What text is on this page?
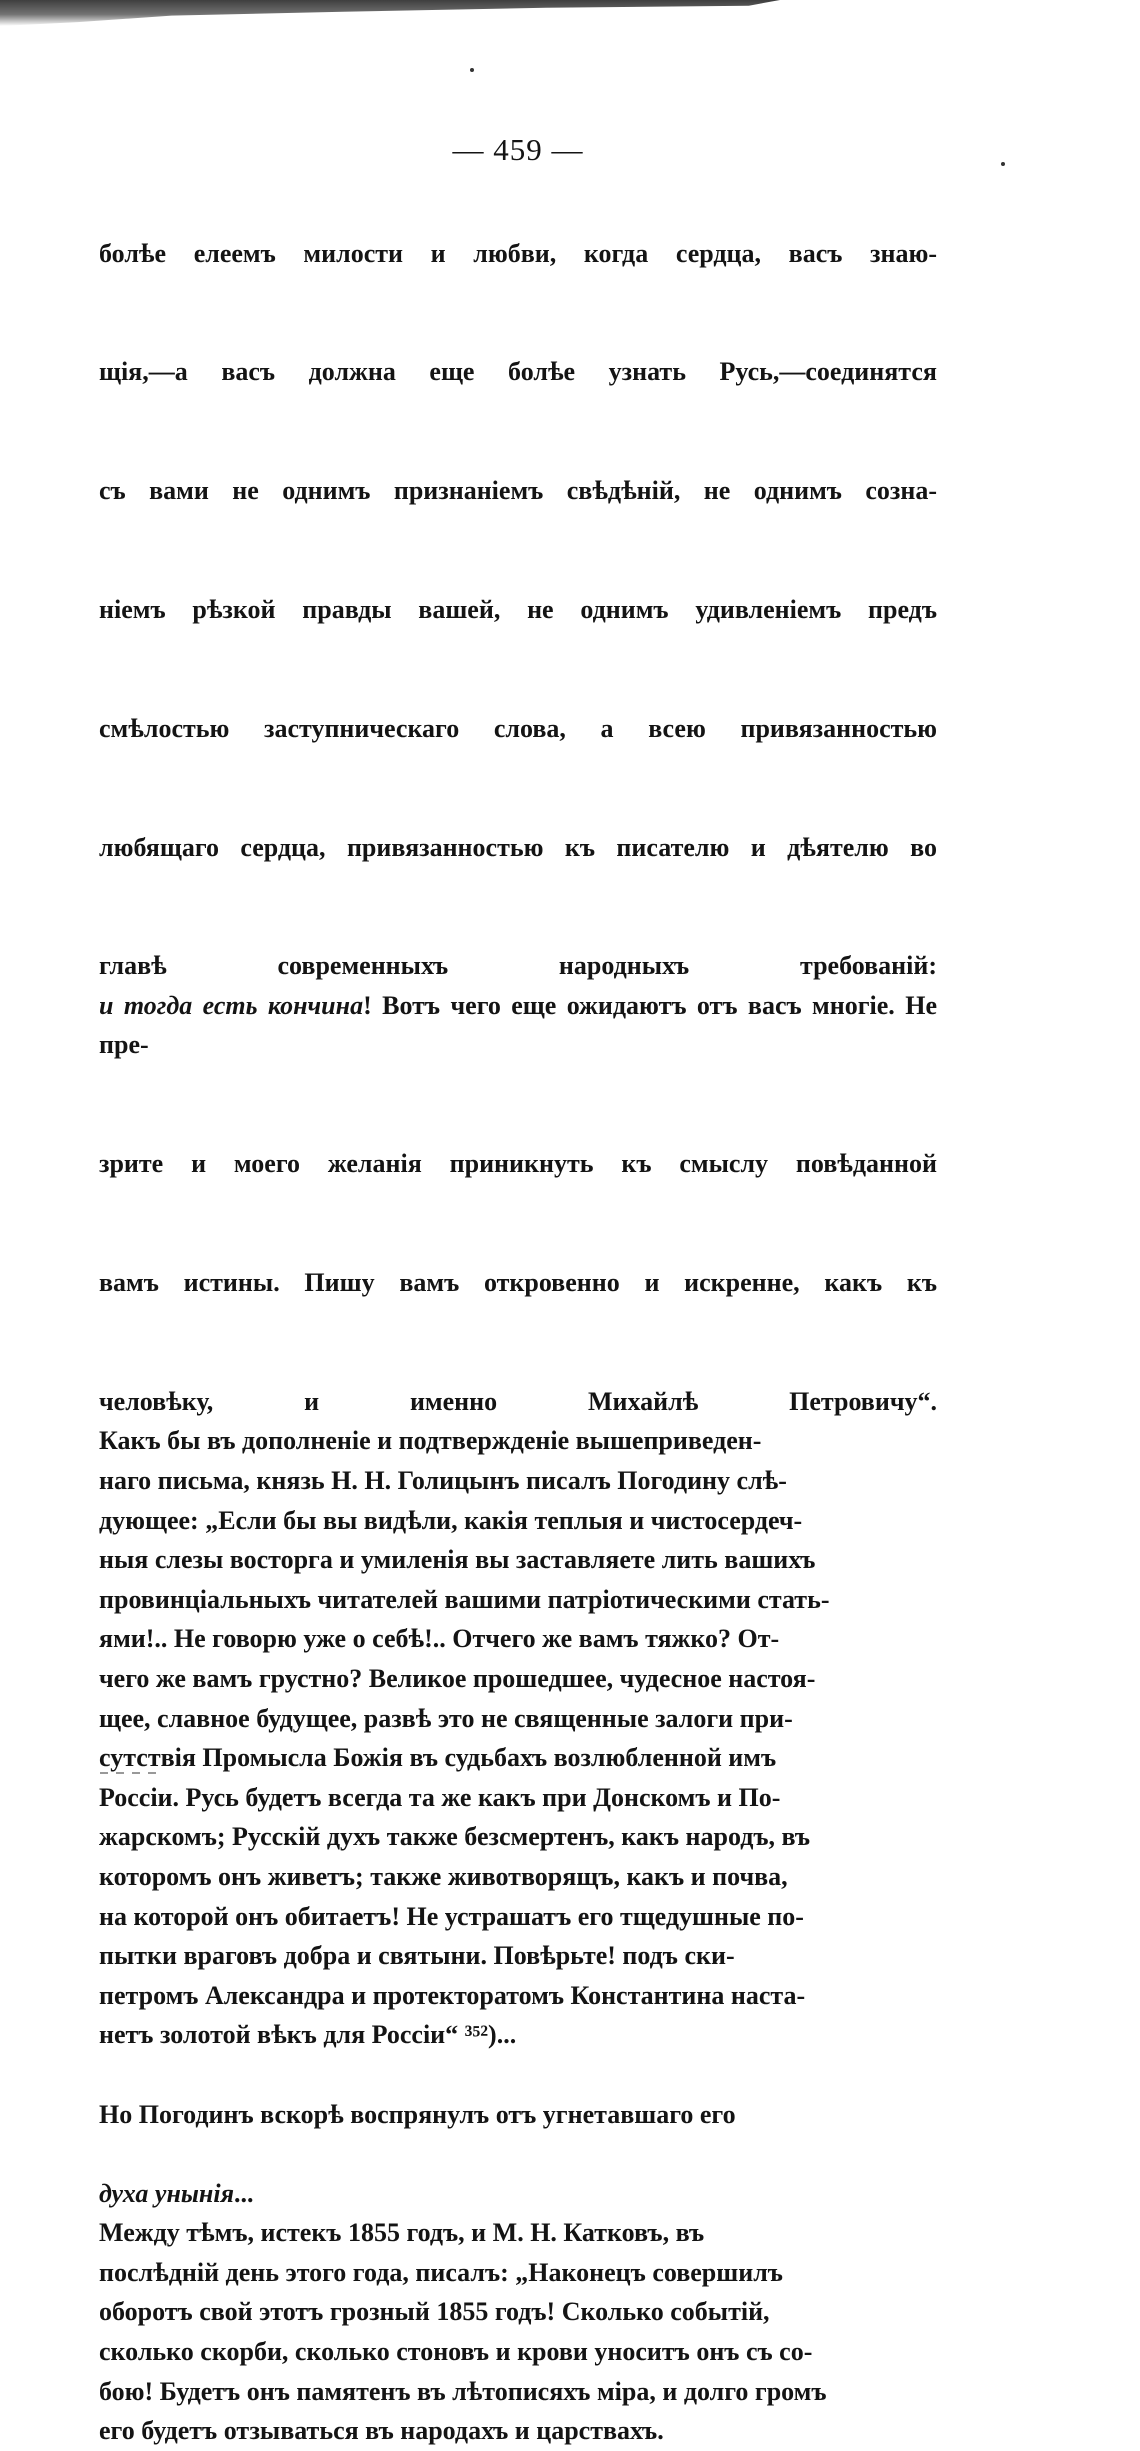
— 459 —

болѣе елеемъ милости и любви, когда сердца, васъ знаю-

щія,—а васъ должна еще болѣе узнать Русь,—соединятся

съ вами не однимъ признаніемъ свѣдѣній, не однимъ созна-

ніемъ рѣзкой правды вашей, не однимъ удивленіемъ предъ

смѣлостью заступническаго слова, а всею привязанностью

любящаго сердца, привязанностью къ писателю и дѣятелю во

главѣ современныхъ народныхъ требованій:
и тогда есть кончина! Вотъ чего еще ожидаютъ отъ васъ многіе. Не пре-

зрите и моего желанія приникнуть къ смыслу повѣданной

вамъ истины. Пишу вамъ откровенно и искренне, какъ къ

человѣку, и именно Михайлѣ Петровичу“.

Какъ бы въ дополненіе и подтвержденіе вышеприведен-
наго письма, князь Н. Н. Голицынъ писалъ Погодину слѣ-
дующее: „Если бы вы видѣли, какія теплыя и чистосердеч-
ныя слезы восторга и умиленія вы заставляете лить вашихъ
провинціальныхъ читателей вашими патріотическими стать-
ями!.. Не говорю уже о себѣ!.. Отчего же вамъ тяжко? От-
чего же вамъ грустно? Великое прошедшее, чудесное настоя-
щее, славное будущее, развѣ это не священные залоги при-
сутствія Промысла Божія въ судьбахъ возлюбленной имъ
Россіи. Русь будетъ всегда та же какъ при Донскомъ и По-
жарскомъ; Русскій духъ также безсмертенъ, какъ народъ, въ
которомъ онъ живетъ; также животворящъ, какъ и почва,
на которой онъ обитаетъ! Не устрашатъ его тщедушные по-
пытки враговъ добра и святыни. Повѣрьте! подъ ски-
петромъ Александра и протекторатомъ Константина наста-
нетъ золотой вѣкъ для Россіи“ ³⁵²)...

Но Погодинъ вскорѣ воспрянулъ отъ угнетавшаго его

духа унынія...

Между тѣмъ, истекъ 1855 годъ, и М. Н. Катковъ, въ
послѣдній день этого года, писалъ: „Наконецъ совершилъ
оборотъ свой этотъ грозный 1855 годъ! Сколько событій,
сколько скорби, сколько стоновъ и крови уноситъ онъ съ со-
бою! Будетъ онъ памятенъ въ лѣтописяхъ міра, и долго громъ
его будетъ отзываться въ народахъ и царствахъ.
